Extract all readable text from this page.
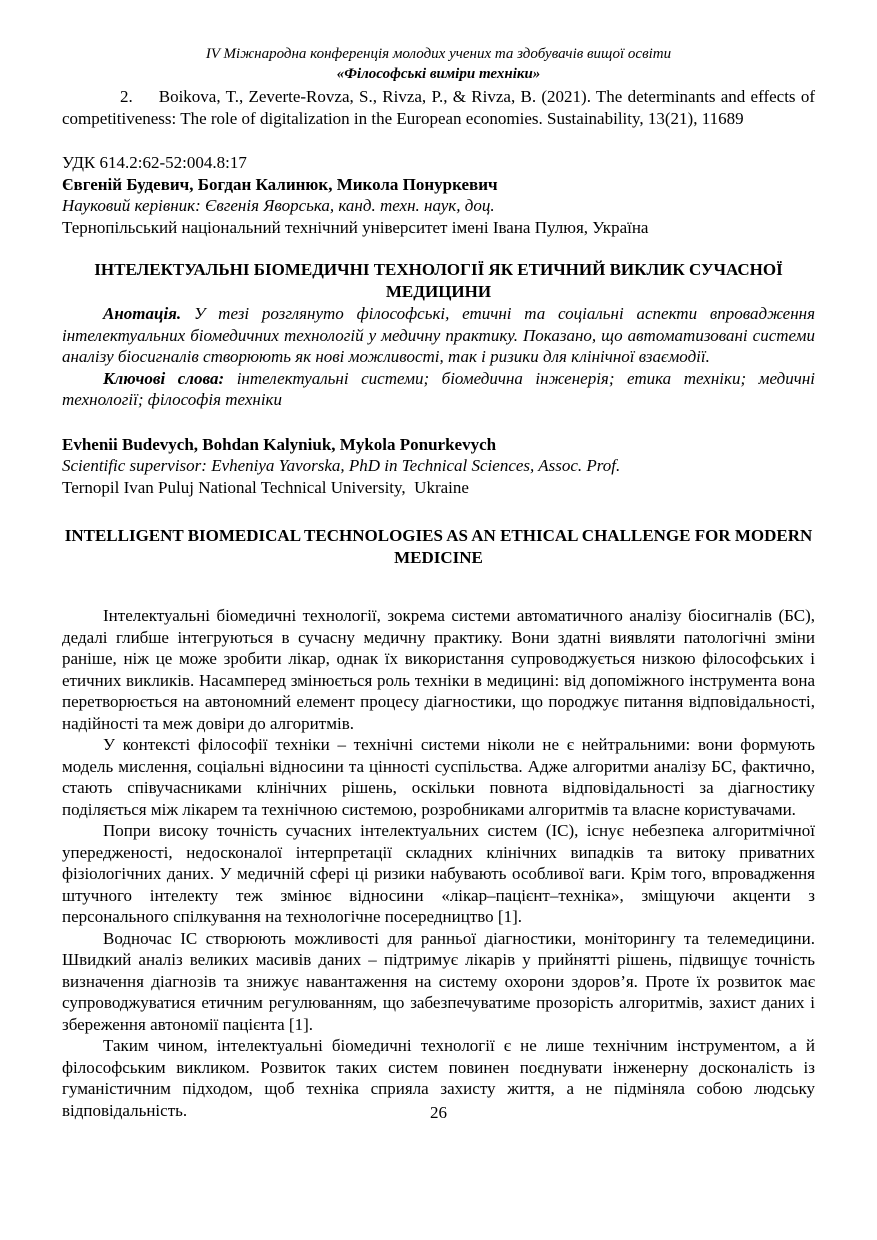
IV Міжнародна конференція молодих учених та здобувачів вищої освіти
«Філософські виміри техніки»

2. Boikova, T., Zeverte-Rovza, S., Rivza, P., & Rivza, B. (2021). The determinants and effects of competitiveness: The role of digitalization in the European economies. Sustainability, 13(21), 11689

УДК 614.2:62-52:004.8:17

Євгеній Будевич, Богдан Калинюк, Микола Понуркевич

Науковий керівник: Євгенія Яворська, канд. техн. наук, доц.

Тернопільський національний технічний університет імені Івана Пулюя, Україна

ІНТЕЛЕКТУАЛЬНІ БІОМЕДИЧНІ ТЕХНОЛОГІЇ ЯК ЕТИЧНИЙ ВИКЛИК СУЧАСНОЇ МЕДИЦИНИ

Анотація. У тезі розглянуто філософські, етичні та соціальні аспекти впровадження інтелектуальних біомедичних технологій у медичну практику. Показано, що автоматизовані системи аналізу біосигналів створюють як нові можливості, так і ризики для клінічної взаємодії.

Ключові слова: інтелектуальні системи; біомедична інженерія; етика техніки; медичні технології; філософія техніки

Evhenii Budevych, Bohdan Kalyniuk, Mykola Ponurkevych

Scientific supervisor: Evheniya Yavorska, PhD in Technical Sciences, Assoc. Prof.

Ternopil Ivan Puluj National Technical University,  Ukraine

INTELLIGENT BIOMEDICAL TECHNOLOGIES AS AN ETHICAL CHALLENGE FOR MODERN MEDICINE

Інтелектуальні біомедичні технології, зокрема системи автоматичного аналізу біосигналів (БС), дедалі глибше інтегруються в сучасну медичну практику. Вони здатні виявляти патологічні зміни раніше, ніж це може зробити лікар, однак їх використання супроводжується низкою філософських і етичних викликів. Насамперед змінюється роль техніки в медицині: від допоміжного інструмента вона перетворюється на автономний елемент процесу діагностики, що породжує питання відповідальності, надійності та меж довіри до алгоритмів.

У контексті філософії техніки – технічні системи ніколи не є нейтральними: вони формують модель мислення, соціальні відносини та цінності суспільства. Адже алгоритми аналізу БС, фактично, стають співучасниками клінічних рішень, оскільки повнота відповідальності за діагностику поділяється між лікарем та технічною системою, розробниками алгоритмів та власне користувачами.

Попри високу точність сучасних інтелектуальних систем (ІС), існує небезпека алгоритмічної упередженості, недосконалої інтерпретації складних клінічних випадків та витоку приватних фізіологічних даних. У медичній сфері ці ризики набувають особливої ваги. Крім того, впровадження штучного інтелекту теж змінює відносини «лікар–пацієнт–техніка», зміщуючи акценти з персонального спілкування на технологічне посередництво [1].

Водночас ІС створюють можливості для ранньої діагностики, моніторингу та телемедицини. Швидкий аналіз великих масивів даних – підтримує лікарів у прийнятті рішень, підвищує точність визначення діагнозів та знижує навантаження на систему охорони здоров’я. Проте їх розвиток має супроводжуватися етичним регулюванням, що забезпечуватиме прозорість алгоритмів, захист даних і збереження автономії пацієнта [1].

Таким чином, інтелектуальні біомедичні технології є не лише технічним інструментом, а й філософським викликом. Розвиток таких систем повинен поєднувати інженерну досконалість із гуманістичним підходом, щоб техніка сприяла захисту життя, а не підміняла собою людську відповідальність.	26
